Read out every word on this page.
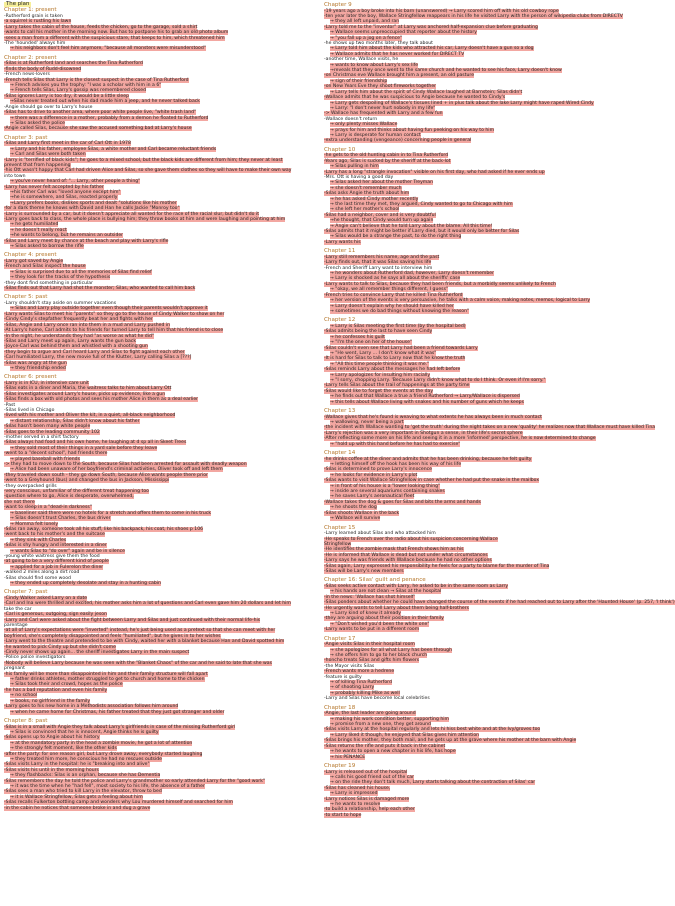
The plan
Chapter 1: present
-Rutherford grain is taken
-a squirrel is rustling his lawn
-Larry takes the cabin of the house, feeds the chicken, go to the garage, sold a shirt
-wants to call his mother in the morning now. But has to postpone his to grab an old photo album
-sees a man from a different with the suspicious stare, that keeps to him, which threatened him
-The 'hounded' always him
→ his neighbors don't feel him anymore, "because all monsters were misunderstood"
Chapter 2: present
-Silas is at Rutherford land and searches the Tina Rutherford
-finds the body of Rudd-disowned
-French news-lovers
-French tells Silas that Larry is the closest suspect in the case of Tina Rutherford
→ French advises you the trophy: "I was a scholar with him in a 6"
→ French tells Silas, Larry's gossip was remembered closed
-Silas ignores Larry is too dry, it would be a little sleep
→Silas never treated out when his dad made him a jeep, and he never talked back
-Angie should go over to Larry's house
-Silas has to drive to another area, where poor white people live, "white trash land"
→ there was a difference in a mother, probably from a demon he floated to Rutherford
→ Silas asked the police
-Angie called Silas, because she saw the accused something bad at Larry's house
Chapter 3: past
-Silas and Larry first meet in the car of Carl Ott in 1978
→ Larry and his father, employee Silas, a white mother and Carl became reluctant friends
→ Carl and Silas were both taken
-Larry is "terrified of black kids"; he goes to a mixed school, but the black kids are different from him; they never at least
prevent that from happening
-his Ott wasn't happy that Carl had driven Alice and Silas, so she gave them clothes so they will have to make their own way
into town
→ you've never heard of: "... Larry, other people a thing"
-Larry has never felt accepted by his father
→his father Carl was "loved anyone except him"
→he is somewhere, and Silas, reacted properly
→Larry prefers books, dislikes sports and dealt "solutions like his mother
-for a dark theme he knows with David and Han he calls Jackie "Monroy too"
-Larry is surrounded by a car, but it doesn't appreciate all wanted for the race of the racial slur, but didn't do it
-Larry goes back to class, the whole place is bullying him; they throw books at him and were laughing and pointing at him
→ he gets humiliated
→ he doesn't really react
→he wants to belong, but he remains an outsider
-Silas and Larry meet by chance at the beach and play with Larry's rifle
→ Silas asked to borrow the rifle
Chapter 4: present
-Larry got saved by Angie
-French and Silas inspect the house
→ Silas is surprised due to all the memories of Silas find relief
→ they look for the tracks of the hypothesis
-they dont find something in particular
-Silas finds out that Larry had shot the monster; Silas, who wanted to call him back
Chapter 5: past
-Larry shouldn't stay aside on summer vacations
→ Silas and Larry play outside together even though their parents wouldn't approve it
-Larry wants Silas to meet his "parents" so they go to the house of Cindy Walker to show on her
-Cindy Cindy's stepfather frequently beat her and fights with her
-Silas, Angie and Larry once ran into them in a mud and Larry pushed in
-At Larry's home, Carl admits to his friends for turned Larry to tell him that his friend is to close
-In the night, he understands they had "as worse as what he did"
-Silas and Larry meet up again, Larry wants the gun back
-Joyce-Carl was behind them and whistled with a shooting gun
-they begin to argue and Carl heard Larry and Silas to fight against each other
-Carl humiliated Larry, the new movie full of the Klutter, Larry calling Silas a [???]
-Silas was angry at the gun
→ they friendship ended
Chapter 6: present
-Larry is in ICU, in intensive care unit
-Silas eats in a diner and Maria, the waitress talks to him about Larry Ott
-Silas investigates around Larry's house, picks up evidence, like a gun
-Silas finds a box with old photos and sees his mother Alice in them as a deal earlier
-Past
-Silas lived in Chicago
-lived with his mother and Oliver the kit, in a quiet, all-black neighborhood
→ distant relationship, Silas didn't know about his father
-Silas hasn't been many white people
-Silas goes to the leading community 102
-mother served in a shirt factory
-Silas always had food and his own home, he laughing at d sp all in Skeet Trees
→ they sold most of their things in a yard sale before they leave
-went to a "decent school", had friends there
→ played baseball with friends
-> they had to move down to the South, because Silas had been arrested for assault with deadly weapon
→ Alice had been unaware of her boyfriend's criminal activities, Oliver took off and left them
-they traveled down south - they go down South, because Alice wants people there prior
-went to a Greyhound (bus) and changed the bus in Jackson, Mississippi
-they overpacked grills
-very conscious, unfamiliar of the different treat happening too
-question where to go, Alice is desperate, overwhelmed,
she not there
-want to sleep in a "dead-in darkness"
→ baseliner said there were no hotels for a stretch and offers them to come in his truck
→ Silas doesn't trust Charles, the bus driver
→ Momma felt lonely
-Silas ran away, someone took all his stuff, like his backpack, his coat, his shoes p 106
-went back to his mother's and the suitcase
→ they sink with Charles
-Silas is shy hungry and interested in a diner
→ wants Silas to "do over" again and be in silence
-young white waitress give them the food
-at going to be a very different kind of people
→ applied for a job in Fulerelon the diner
-walked 2 miles along a dirt road
-Silas should find some wood
→ they ended up completely desolate and stay in a hunting cabin
Chapter 7: past
-Cindy Walker asked Larry on a date
-Carl and Ina were thrilled and excited, his mother asks him a lot of questions and Carl even gave him 20 dollars and let him
take the car
-Carl is generous, outgoing, sign easily jeson
-Larry and Carl were asked about the fight between Larry and Silas and just continued with their normal life-his
parentage
-at all of Larry's expectations were "inverted" instead, he's just being used as a pretext so that she can meet with her
boyfriend, she's completely disappointed and feels "humiliated", but he gives in to her wishes
-Larry went to the theatre and pretended to be with Cindy, waited her with a blanket because Han and David spotted him
-he wanted to pick Cindy up but she didn't come
-Cindy never shows up again... the sheriff investigates Larry in the main suspect
-Police police investigators
-Nobody will believe Larry because he was seen with the "Blanket Chaos" of the car and he said to late that she was
pregnant
-his family will be more than disappointed in him and their family structure will fall apart
→ father drinks athletes, mother struggled to get to church and home to the chicken
→ Silas took their and crowd, hopes as the police
-he has a bad reputation and even his family
→ no school
→ books, no girlfriend in the family
-Larry goes to his new home in a Methodists association follows him around
→ when he came home for Christmas, his father treated that they just got stranger and older
Chapter 8: past
-Silas is in a small with Angie they talk about Larry's girlfriends in case of the missing Rutherford girl
→ Silas is convinced that he is innocent, Angie thinks he is guilty
-Silas opens up to Angie about his history
→ at the mandatory party in the head a zombie movie, he got a lot of attention
→ the strongly felt moment, like the other kids
-after the party: for one reason girl, but Larry drove away, everybody started laughing
→ they treated him more, he conscious he had no rescues outside
-Silas visits Larry in the hospital: he is "breaking into and alive"
-Silas visits his until in the morning hours
→ they flashbacks: Silas is an orphan, because she has Dementia
-Silas remembers the day he told the police and Larry's grandmother so early attended Larry for the "good work"
→ it was the time when he "had fell", most society to his life, the absence of a father
-Silas sees a man who tried to kill Larry in the elevator, throw to bed
→ it is Wallace Stringfellow, Silas gets a feeling about him
-Silas recalls Fulkerton bottling camp and wonders why Lou murdered himself and searched for him
-in the cabin he notices that someone broke in and dug a grave
Chapter 9
-19 years ago a boy broke into his barn (unanswered) → Larry scored him off with his old cowboy rope
-ten year later the boy, Wallace Stringfellow reappears in his life he visited Larry with the person of wikipedia clubs from DIRECTV
→ they all left unpaid, and ran
-Larry told me to the "inventor" at Larry was anchored half-expansion clue before graduating
→ Wallace seems unpreoccupied that reporter about the history
→ "you fall up a jog on a fence"
-he shows up two months later, they talk about
→ Larry told him about the kids who attracted his car, Larry doesn't have a gun so a dog
→ Wallace admits that he has never worked for DIRECT TV
-another time, Wallace visits, he
→ wants to know about Larry's sex life
→reveals that they once went to the same church and he wanted to see his face, Larry doesn't know
-on Christmas eve Wallace brought him a present, an old pasture
→ sign of their friendship
-on New Years Eve they shoot fireworks together
→ Larry tells him about the spirit of Cindy Wallace laughed at Barnstein; Silas didn't
-Wallace admits that he was suspicious to Angie because he wanted to Cindy's
→ Larry gets despoiling of Wallace's tissues lined + in plus talk about the lake Larry might have raped Wired Cindy
→ Larry: "I don't never hurt nobody in my life"
-> Wallace has frequented with Larry and a few fun
-Wallace doesn't return
→ only plenty misses Wallace
→ prays for him and thinks about having fun peeking on his way to him
→ Larry is desperate for human contact
-extra understanding (vengeance) concerning people in general
Chapter 10
-he gets to the old hunting cabin in to Tina Rutherford
-Years ago, Silas is sucked by the sheriff at the back-lot
→ Silas pulling in him
-Larry has a long "strangle invocation" visible on his first day, who had asked if he ever ends up
-Mrs. Ott is having a good day
→ Silas asked her about the mother Treyman
→ she doesn't remember much
-Silas asks Angie the truth about him
→ he has asked Cindy mother recently
→ the last time they met, they argued, Cindy wanted to go to Chicago with him
→ she left her mother's school
-Silas had a neighbor, cover and is very doubtful
→he thought, that Cindy would turn up again
→ Angie can't believe that he told Larry about the blame. All this time!
-Silas admits that it might be better if Larry died, but it would only be better for Silas
→ Silas would be a strange the past, to do the right thing
-Larry wants his
Chapter 11
-Larry still remembers his name, age and the past
-Larry finds out, that it was Silas saving his life
-French and Sheriff Larry want to interview him
→ he wonders about Rutherford dad, however, Larry doesn't remember
→ Larry is shocked as he says all about the sheriffs' case
-Larry wants to talk to Silas, because they had been friends, but a morbidly seems unlikely to French
→ "okay, we all remember things different, I guess"
-French tries to convince Larry that he killed Tina Rutherford
→ her version of the events is very persuasive, he talks with a calm voice, making notes, memos, logical to Larry
→ Larry doesn't explain why he should have killed her
→ sometimes we do bad things without knowing the reason"
Chapter 12
→ Larry is Silas meeting the first time (by the hospital bed)
-Silas admits being the last to have seen Cindy
→ he confesses his guilt
→ "I'm the one on her of the house"
-Silas couldn't even see that Larry had been a friend towards Larry
→ "He went, Larry ... I don't know what it was"
-It is hard for Silas to talk to Larry now that he know the truth
→ "All this time people thinking it was me."
-Silas reminds Larry about the messages he had left before
→ Larry apologizes for insulting him racially
→ "I sorry, chopping Larry. 'Because Larry didn't know what to do I think. Or even if I'm sorry."
-Larry tells Silas about the trail of happenings at the party time
-Silas would like to forget the events at the day
→ he finds out that Wallace a true a friend Rutherford → Larry/Wallace is dispersed
→ this tells about Wallace living with snakes and his number of guns which he keeps
Chapter 13
-Wallace gives that he's found is weaving to what extents he has always been in much contact
→ wallowing, never being a part
-the incident with Wallace wanting to 'get the truth' during the night takes on a new 'quality' he realizes now that Wallace must have killed Tina
-Larry's rejection was a very important in Shotgun a sense, in their life's secret sphere
-After reflecting some more on his life and seeing it in a more 'informed' perspective, he is now determined to change
→ "hold up with this hand before he has had to exercise"
Chapter 14
-he drinks coffee at the diner and admits that he has been drinking, because he felt guilty
→ letting himself off the hook has been his way of his life
-Silas is determined to prove Larry's innocence
→ he looks for evidence in Larry's plot
-Silas wants to visit Wallace Stringfellow in case whether he had put the snake in the mailbox
→ in front of his house is a "lower looking thing"
→ inside are several aquariums containing snakes
→ he saves Larry's aeronautical fleet
-Wallace takes the dog & goes for Silas and bits the arms and hands
→ he shoots the dog
-Silas shoots Wallace in the back
→ Wallace will survive
Chapter 15
-Larry learned about Silas and who attacked him
-He speaks to French over the radio about his suspicion concerning Wallace
Stringfellow
-He identifies the zombie mask that French shows him as his
-He is informed that Wallace is dead but not under what circumstances
-Larry says he was friends with Wallace because he had no other options
-Silas again, Larry expressed his responsibility he feels for a party to blame for the murder of Tina
-Silas will be Larry's new members
Chapter 16: Silas' guilt and penance
-Silas seeks active contact with Larry, he asked to be in the same room as Larry
→ his hands are not clean → Silas at the hospital
-in the news: 'Wallace has shot himself'
-Silas ponders about whether he could have changed the course of the events if he had reached out to Larry after the 'Haunted House' (p. 257, 'I think')
-He urgently wants to tell Larry about them being half-brothers
→ Larry kind of knew it already
-they are arguing about their position in their family
→ "Don't wished you'd been the white one"
-Larry wants to be put in a different room
Chapter 17
-Angie visits Silas in their hospital room
→ she apologizes for all what Larry has been through
→ she offers him to go to her black church
-honcho treats Silas and gifts him flowers
-the Mayor visits Silas
-French wants more a hedrene
-feature is guilty
→ of killing Tina Rutherford
→ of shooting Larry
→ probably killing Mike as well
-Larry and Silas have become local celebrities
Chapter 18
-Angie, the last leader are going around
→ making his work condition better, supporting him
→ promise from a new one, they get around
-Silas visits Larry at the hospital regularly and lets hi hiss best white and at the Ivy/groves too
→ Larry liked it though, he enjoyed that Silas gives him attention
-Silas brings his mother, they both mail, and he gets up at the grave where his mother at the barn with Angie
-Silas returns the rifle and puts it back in the cabinet
→ he wants to open a new chapter in his life, has hope
→ his PENANCE
Chapter 19
-Larry is released out of the hospital
→ calls his good friend out of the car
→ on the ride they don't talk much, Larry starts talking about the contraction of Silas' car
-Silas has cleaned his house,
→ Larry is impressed
-Larry notices Silas is damaged more
→ he wants to resolve
-to build a relationship, help each other
-to start to hope
